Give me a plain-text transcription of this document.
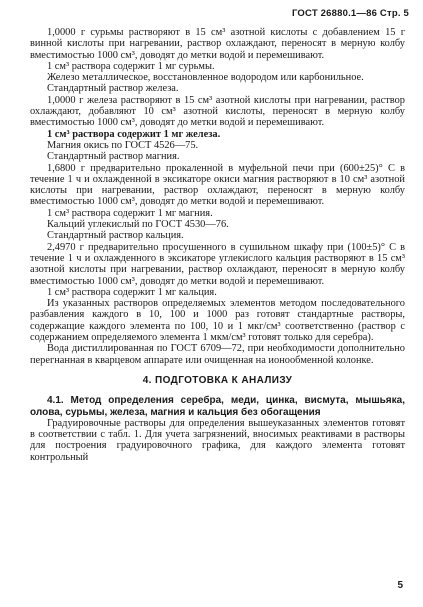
ГОСТ 26880.1—86 Стр. 5

1,0000 г сурьмы растворяют в 15 см³ азотной кислоты с добавлением 15 г винной кислоты при нагревании, раствор охлаждают, переносят в мерную колбу вместимостью 1000 см³, доводят до метки водой и перемешивают.

1 см³ раствора содержит 1 мг сурьмы.

Железо металлическое, восстановленное водородом или карбонильное.

Стандартный раствор железа.

1,0000 г железа растворяют в 15 см³ азотной кислоты при нагревании, раствор охлаждают, добавляют 10 см³ азотной кислоты, переносят в мерную колбу вместимостью 1000 см³, доводят до метки водой и перемешивают.

1 см³ раствора содержит 1 мг железа.

Магния окись по ГОСТ 4526—75.

Стандартный раствор магния.

1,6800 г предварительно прокаленной в муфельной печи при (600±25)° С в течение 1 ч и охлажденной в эксикаторе окиси магния растворяют в 10 см³ азотной кислоты при нагревании, раствор охлаждают, переносят в мерную колбу вместимостью 1000 см³, доводят до метки водой и перемешивают.

1 см³ раствора содержит 1 мг магния.

Кальций углекислый по ГОСТ 4530—76.

Стандартный раствор кальция.

2,4970 г предварительно просушенного в сушильном шкафу при (100±5)° С в течение 1 ч и охлажденного в эксикаторе углекислого кальция растворяют в 15 см³ азотной кислоты при нагревании, раствор охлаждают, переносят в мерную колбу вместимостью 1000 см³, доводят до метки водой и перемешивают.

1 см³ раствора содержит 1 мг кальция.

Из указанных растворов определяемых элементов методом последовательного разбавления каждого в 10, 100 и 1000 раз готовят стандартные растворы, содержащие каждого элемента по 100, 10 и 1 мкг/см³ соответственно (раствор с содержанием определяемого элемента 1 мкм/см³ готовят только для серебра).

Вода дистиллированная по ГОСТ 6709—72, при необходимости дополнительно перегнанная в кварцевом аппарате или очищенная на ионообменной колонке.

4. ПОДГОТОВКА К АНАЛИЗУ

4.1. Метод определения серебра, меди, цинка, висмута, мышьяка, олова, сурьмы, железа, магния и кальция без обогащения

Градуировочные растворы для определения вышеуказанных элементов готовят в соответствии с табл. 1. Для учета загрязнений, вносимых реактивами в растворы для построения градуировочного графика, для каждого элемента готовят контрольный

5
